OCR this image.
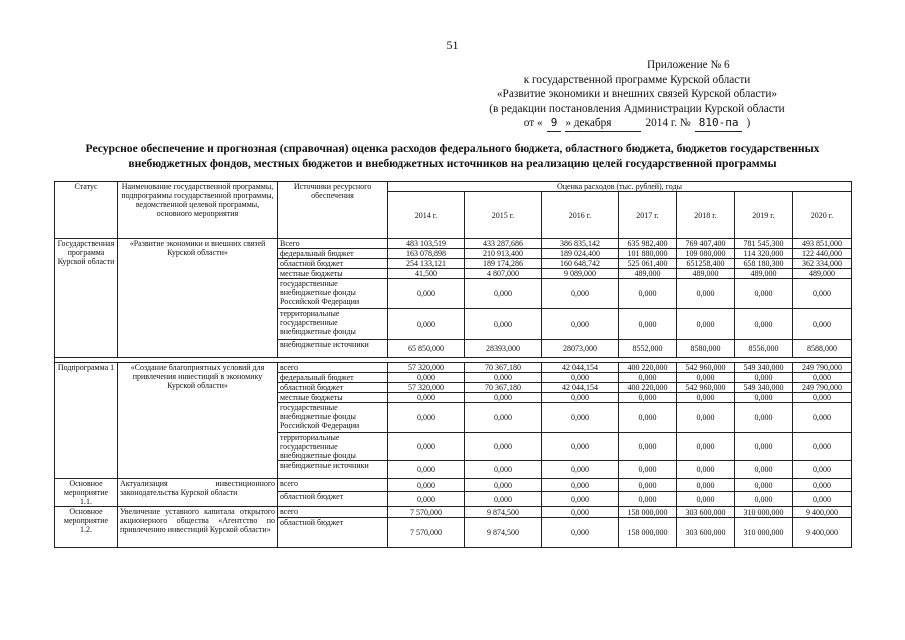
51
Приложение № 6
к государственной программе Курской области
«Развитие экономики и внешних связей Курской области»
(в редакции постановления Администрации Курской области
от « 9 » декабря	2014 г. № 810-па )
Ресурсное обеспечение и прогнозная (справочная) оценка расходов федерального бюджета, областного бюджета, бюджетов государственных внебюджетных фондов, местных бюджетов и внебюджетных источников на реализацию целей государственной программы
Статус	Наименование государственной программы, подпрограммы государственной программы, ведомственной целевой программы, основного мероприятия	Источники ресурсного обеспечения	Оценка расходов (тыс. рублей), годы						
			2014 г.	2015 г.	2016 г.	2017 г.	2018 г.	2019 г.	2020 г.
Государственная программа Курской области	«Развитие экономики и внешних связей Курской области»	Всего	483 103,519	433 287,686	386 835,142	635 982,400	769 407,400	781 545,300	493 851,000
		федеральный бюджет	163 078,898	210 913,400	189 024,400	101 880,000	109 080,000	114 320,000	122 440,000
		областной бюджет	254 133,121	189 174,286	160 648,742	525 061,400	651258,400	658 180,300	362 334,000
		местные бюджеты	41,500	4 807,000	9 089,000	489,000	489,000	489,000	489,000
		государственные внебюджетные фонды Российской Федерации	0,000	0,000	0,000	0,000	0,000	0,000	0,000
		территориальные государственные внебюджетные фонды	0,000	0,000	0,000	0,000	0,000	0,000	0,000
		внебюджетные источники	65 850,000	28393,000	28073,000	8552,000	8580,000	8556,000	8588,000

Подпрограмма 1	«Создание благоприятных условий для привлечения инвестиций в экономику Курской области»	всего	57 320,000	70 367,180	42 044,154	400 220,000	542 960,000	549 340,000	249 790,000
		федеральный бюджет	0,000	0,000	0,000	0,000	0,000	0,000	0,000
		областной бюджет	57 320,000	70 367,180	42 044,154	400 220,000	542 960,000	549 340,000	249 790,000
		местные бюджеты	0,000	0,000	0,000	0,000	0,000	0,000	0,000
		государственные внебюджетные фонды Российской Федерации	0,000	0,000	0,000	0,000	0,000	0,000	0,000
		территориальные государственные внебюджетные фонды	0,000	0,000	0,000	0,000	0,000	0,000	0,000
		внебюджетные источники	0,000	0,000	0,000	0,000	0,000	0,000	0,000
Основное мероприятие 1.1.	Актуализация инвестиционного законодательства Курской области	всего	0,000	0,000	0,000	0,000	0,000	0,000	0,000
		областной бюджет	0,000	0,000	0,000	0,000	0,000	0,000	0,000
Основное мероприятие 1.2.	Увеличение уставного капитала открытого акционерного общества «Агентство по привлечению инвестиций Курской области»	всего	7 570,000	9 874,500	0,000	158 000,000	303 600,000	310 000,000	9 400,000
		областной бюджет	7 570,000	9 874,500	0,000	158 000,000	303 600,000	310 000,000	9 400,000
